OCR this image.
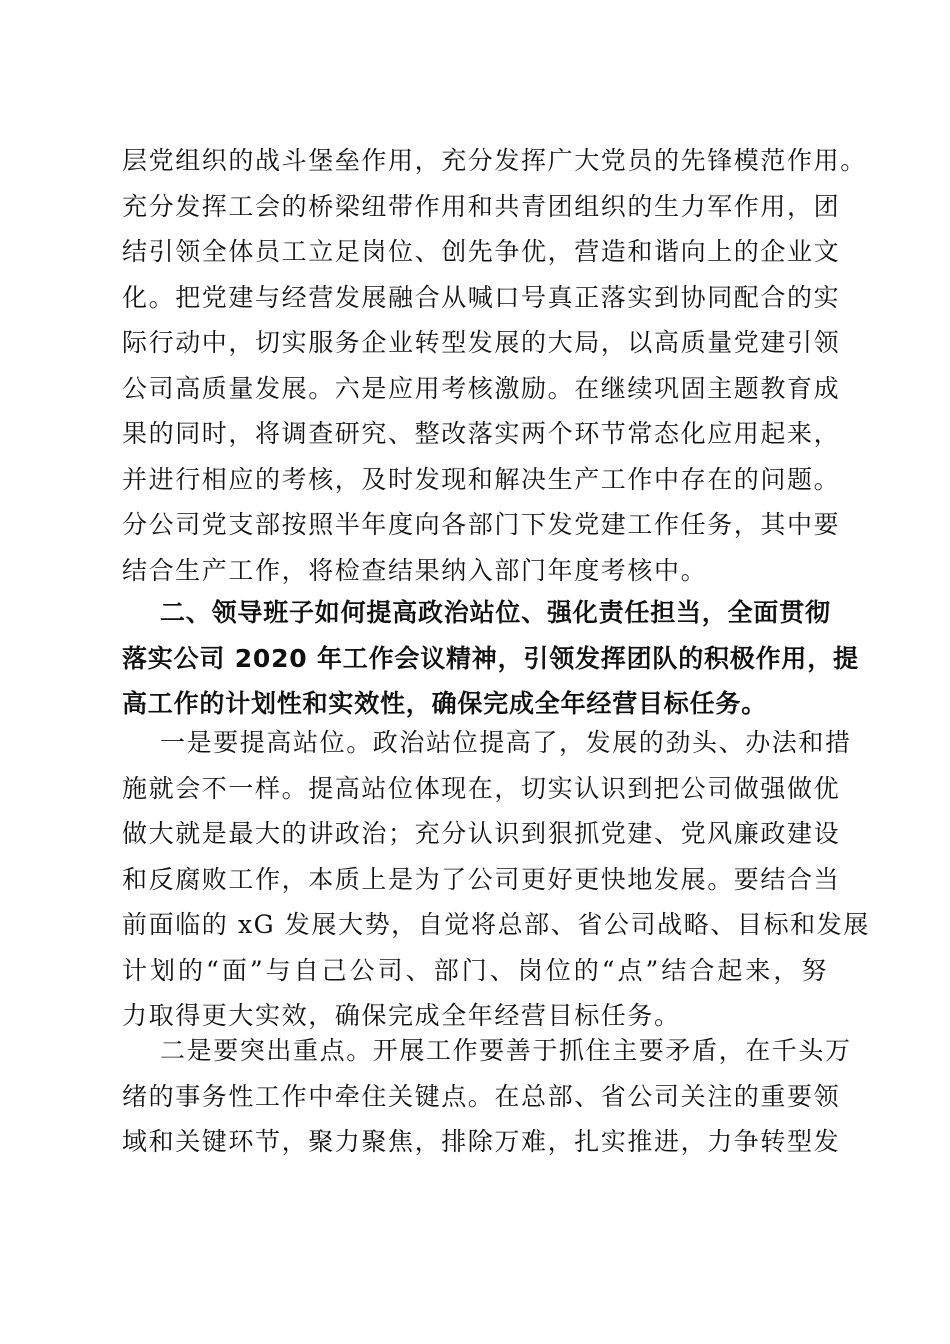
层党组织的战斗堡垒作用，充分发挥广大党员的先锋模范作用。
充分发挥工会的桥梁纽带作用和共青团组织的生力军作用，团
结引领全体员工立足岗位、创先争优，营造和谐向上的企业文
化。把党建与经营发展融合从喊口号真正落实到协同配合的实
际行动中，切实服务企业转型发展的大局，以高质量党建引领
公司高质量发展。六是应用考核激励。在继续巩固主题教育成
果的同时，将调查研究、整改落实两个环节常态化应用起来，
并进行相应的考核，及时发现和解决生产工作中存在的问题。
分公司党支部按照半年度向各部门下发党建工作任务，其中要
结合生产工作，将检查结果纳入部门年度考核中。
二、领导班子如何提高政治站位、强化责任担当，全面贯彻
落实公司 2020 年工作会议精神，引领发挥团队的积极作用，提
高工作的计划性和实效性，确保完成全年经营目标任务。
一是要提高站位。政治站位提高了，发展的劲头、办法和措
施就会不一样。提高站位体现在，切实认识到把公司做强做优
做大就是最大的讲政治；充分认识到狠抓党建、党风廉政建设
和反腐败工作，本质上是为了公司更好更快地发展。要结合当
前面临的 xG 发展大势，自觉将总部、省公司战略、目标和发展
计划的“面”与自己公司、部门、岗位的“点”结合起来，努
力取得更大实效，确保完成全年经营目标任务。
二是要突出重点。开展工作要善于抓住主要矛盾，在千头万
绪的事务性工作中牵住关键点。在总部、省公司关注的重要领
域和关键环节，聚力聚焦，排除万难，扎实推进，力争转型发
